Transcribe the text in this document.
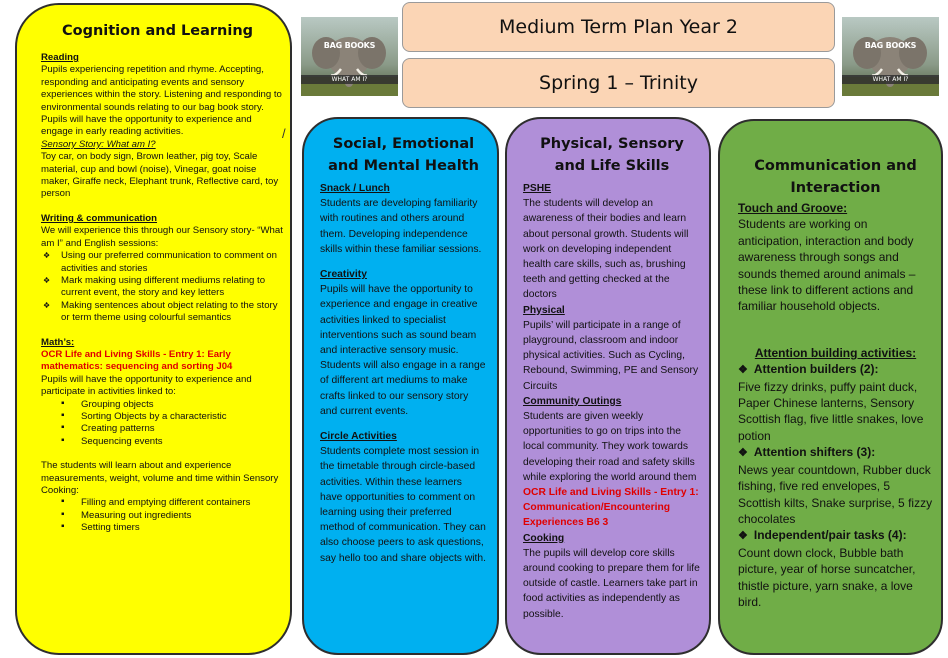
Cognition and Learning
Reading
Pupils experiencing repetition and rhyme. Accepting, responding and anticipating events and sensory experiences within the story. Listening and responding to environmental sounds relating to our bag book story. Pupils will have the opportunity to experience and engage in early reading activities.
Sensory Story: What am I?
Toy car, on body sign, Brown leather, pig toy, Scale material, cup and bowl (noise), Vinegar, goat noise maker, Giraffe neck, Elephant trunk, Reflective card, toy person
Writing & communication
We will experience this through our Sensory story- “What am I” and English sessions:
❖ Using our preferred communication to comment on activities and stories
❖ Mark making using different mediums relating to current event, the story and key letters
❖ Making sentences about object relating to the story or term theme using colourful semantics
Math’s:
OCR Life and Living Skills - Entry 1: Early mathematics: sequencing and sorting J04
Pupils will have the opportunity to experience and participate in activities linked to:
▪ Grouping objects
▪ Sorting Objects by a characteristic
▪ Creating patterns
▪ Sequencing events
The students will learn about and experience measurements, weight, volume and time within Sensory Cooking:
▪ Filling and emptying different containers
▪ Measuring out ingredients
▪ Setting timers
Medium Term Plan Year 2
Spring 1 – Trinity
BAG BOOKS
WHAT AM I?
BAG BOOKS
WHAT AM I?
/
Social, Emotional and Mental Health
Snack / Lunch
Students are developing familiarity with routines and others around them. Developing independence skills within these familiar sessions.
Creativity
Pupils will have the opportunity to experience and engage in creative activities linked to specialist interventions such as sound beam and interactive sensory music. Students will also engage in a range of different art mediums to make crafts linked to our sensory story and current events.
Circle Activities
Students complete most session in the timetable through circle-based activities. Within these learners have opportunities to comment on learning using their preferred method of communication. They can also choose peers to ask questions, say hello too and share objects with.
Physical, Sensory and Life Skills
PSHE
The students will develop an awareness of their bodies and learn about personal growth. Students will work on developing independent health care skills, such as, brushing teeth and getting checked at the doctors
Physical
Pupils’ will participate in a range of playground, classroom and indoor physical activities. Such as Cycling, Rebound, Swimming, PE and Sensory Circuits
Community Outings
Students are given weekly opportunities to go on trips into the local community. They work towards developing their road and safety skills while exploring the world around them
OCR Life and Living Skills - Entry 1: Communication/Encountering Experiences B6 3
Cooking
The pupils will develop core skills around cooking to prepare them for life outside of castle. Learners take part in food activities as independently as possible.
Communication and Interaction
Touch and Groove:
Students are working on anticipation, interaction and body awareness through songs and sounds themed around animals – these link to different actions and familiar household objects.
Attention building activities:
❖ Attention builders (2):
Five fizzy drinks, puffy paint duck, Paper Chinese lanterns, Sensory Scottish flag, five little snakes, love potion
❖ Attention shifters (3):
News year countdown, Rubber duck fishing, five red envelopes, 5 Scottish kilts, Snake surprise, 5 fizzy chocolates
❖ Independent/pair tasks (4):
Count down clock, Bubble bath picture, year of horse suncatcher, thistle picture, yarn snake, a love bird.
